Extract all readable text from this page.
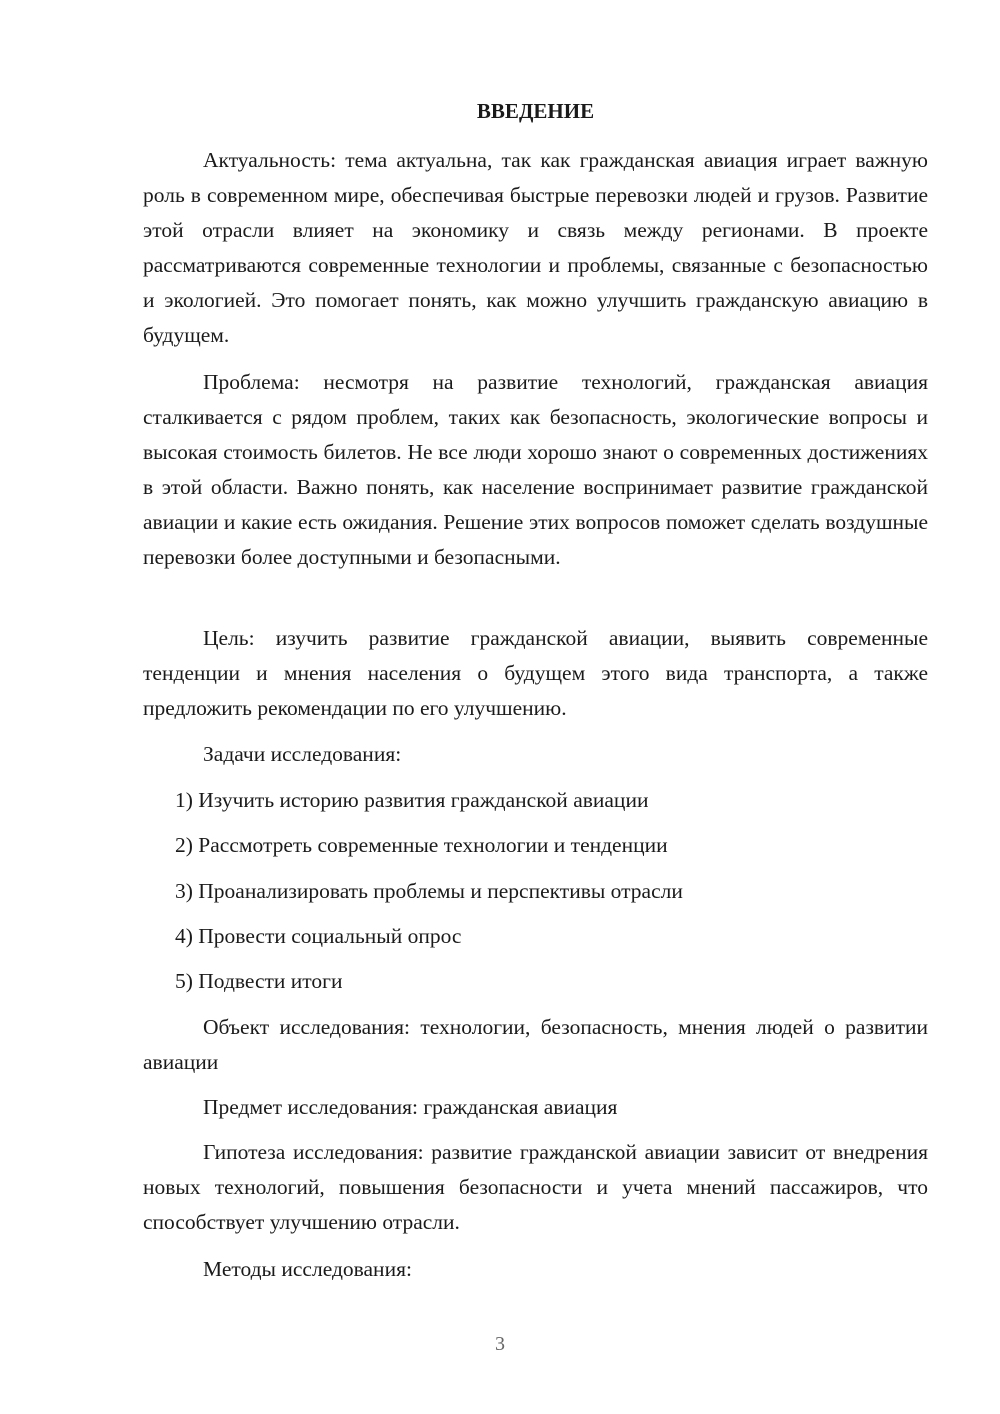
ВВЕДЕНИЕ

Актуальность: тема актуальна, так как гражданская авиация играет важную роль в современном мире, обеспечивая быстрые перевозки людей и грузов. Развитие этой отрасли влияет на экономику и связь между регионами. В проекте рассматриваются современные технологии и проблемы, связанные с безопасностью и экологией. Это помогает понять, как можно улучшить гражданскую авиацию в будущем.

Проблема: несмотря на развитие технологий, гражданская авиация сталкивается с рядом проблем, таких как безопасность, экологические вопросы и высокая стоимость билетов. Не все люди хорошо знают о современных достижениях в этой области. Важно понять, как население воспринимает развитие гражданской авиации и какие есть ожидания. Решение этих вопросов поможет сделать воздушные перевозки более доступными и безопасными.

Цель: изучить развитие гражданской авиации, выявить современные тенденции и мнения населения о будущем этого вида транспорта, а также предложить рекомендации по его улучшению.

Задачи исследования:

1) Изучить историю развития гражданской авиации

2) Рассмотреть современные технологии и тенденции

3) Проанализировать проблемы и перспективы отрасли

4) Провести социальный опрос

5) Подвести итоги

Объект исследования: технологии, безопасность, мнения людей о развитии авиации

Предмет исследования: гражданская авиация

Гипотеза исследования: развитие гражданской авиации зависит от внедрения новых технологий, повышения безопасности и учета мнений пассажиров, что способствует улучшению отрасли.

Методы исследования:

3
